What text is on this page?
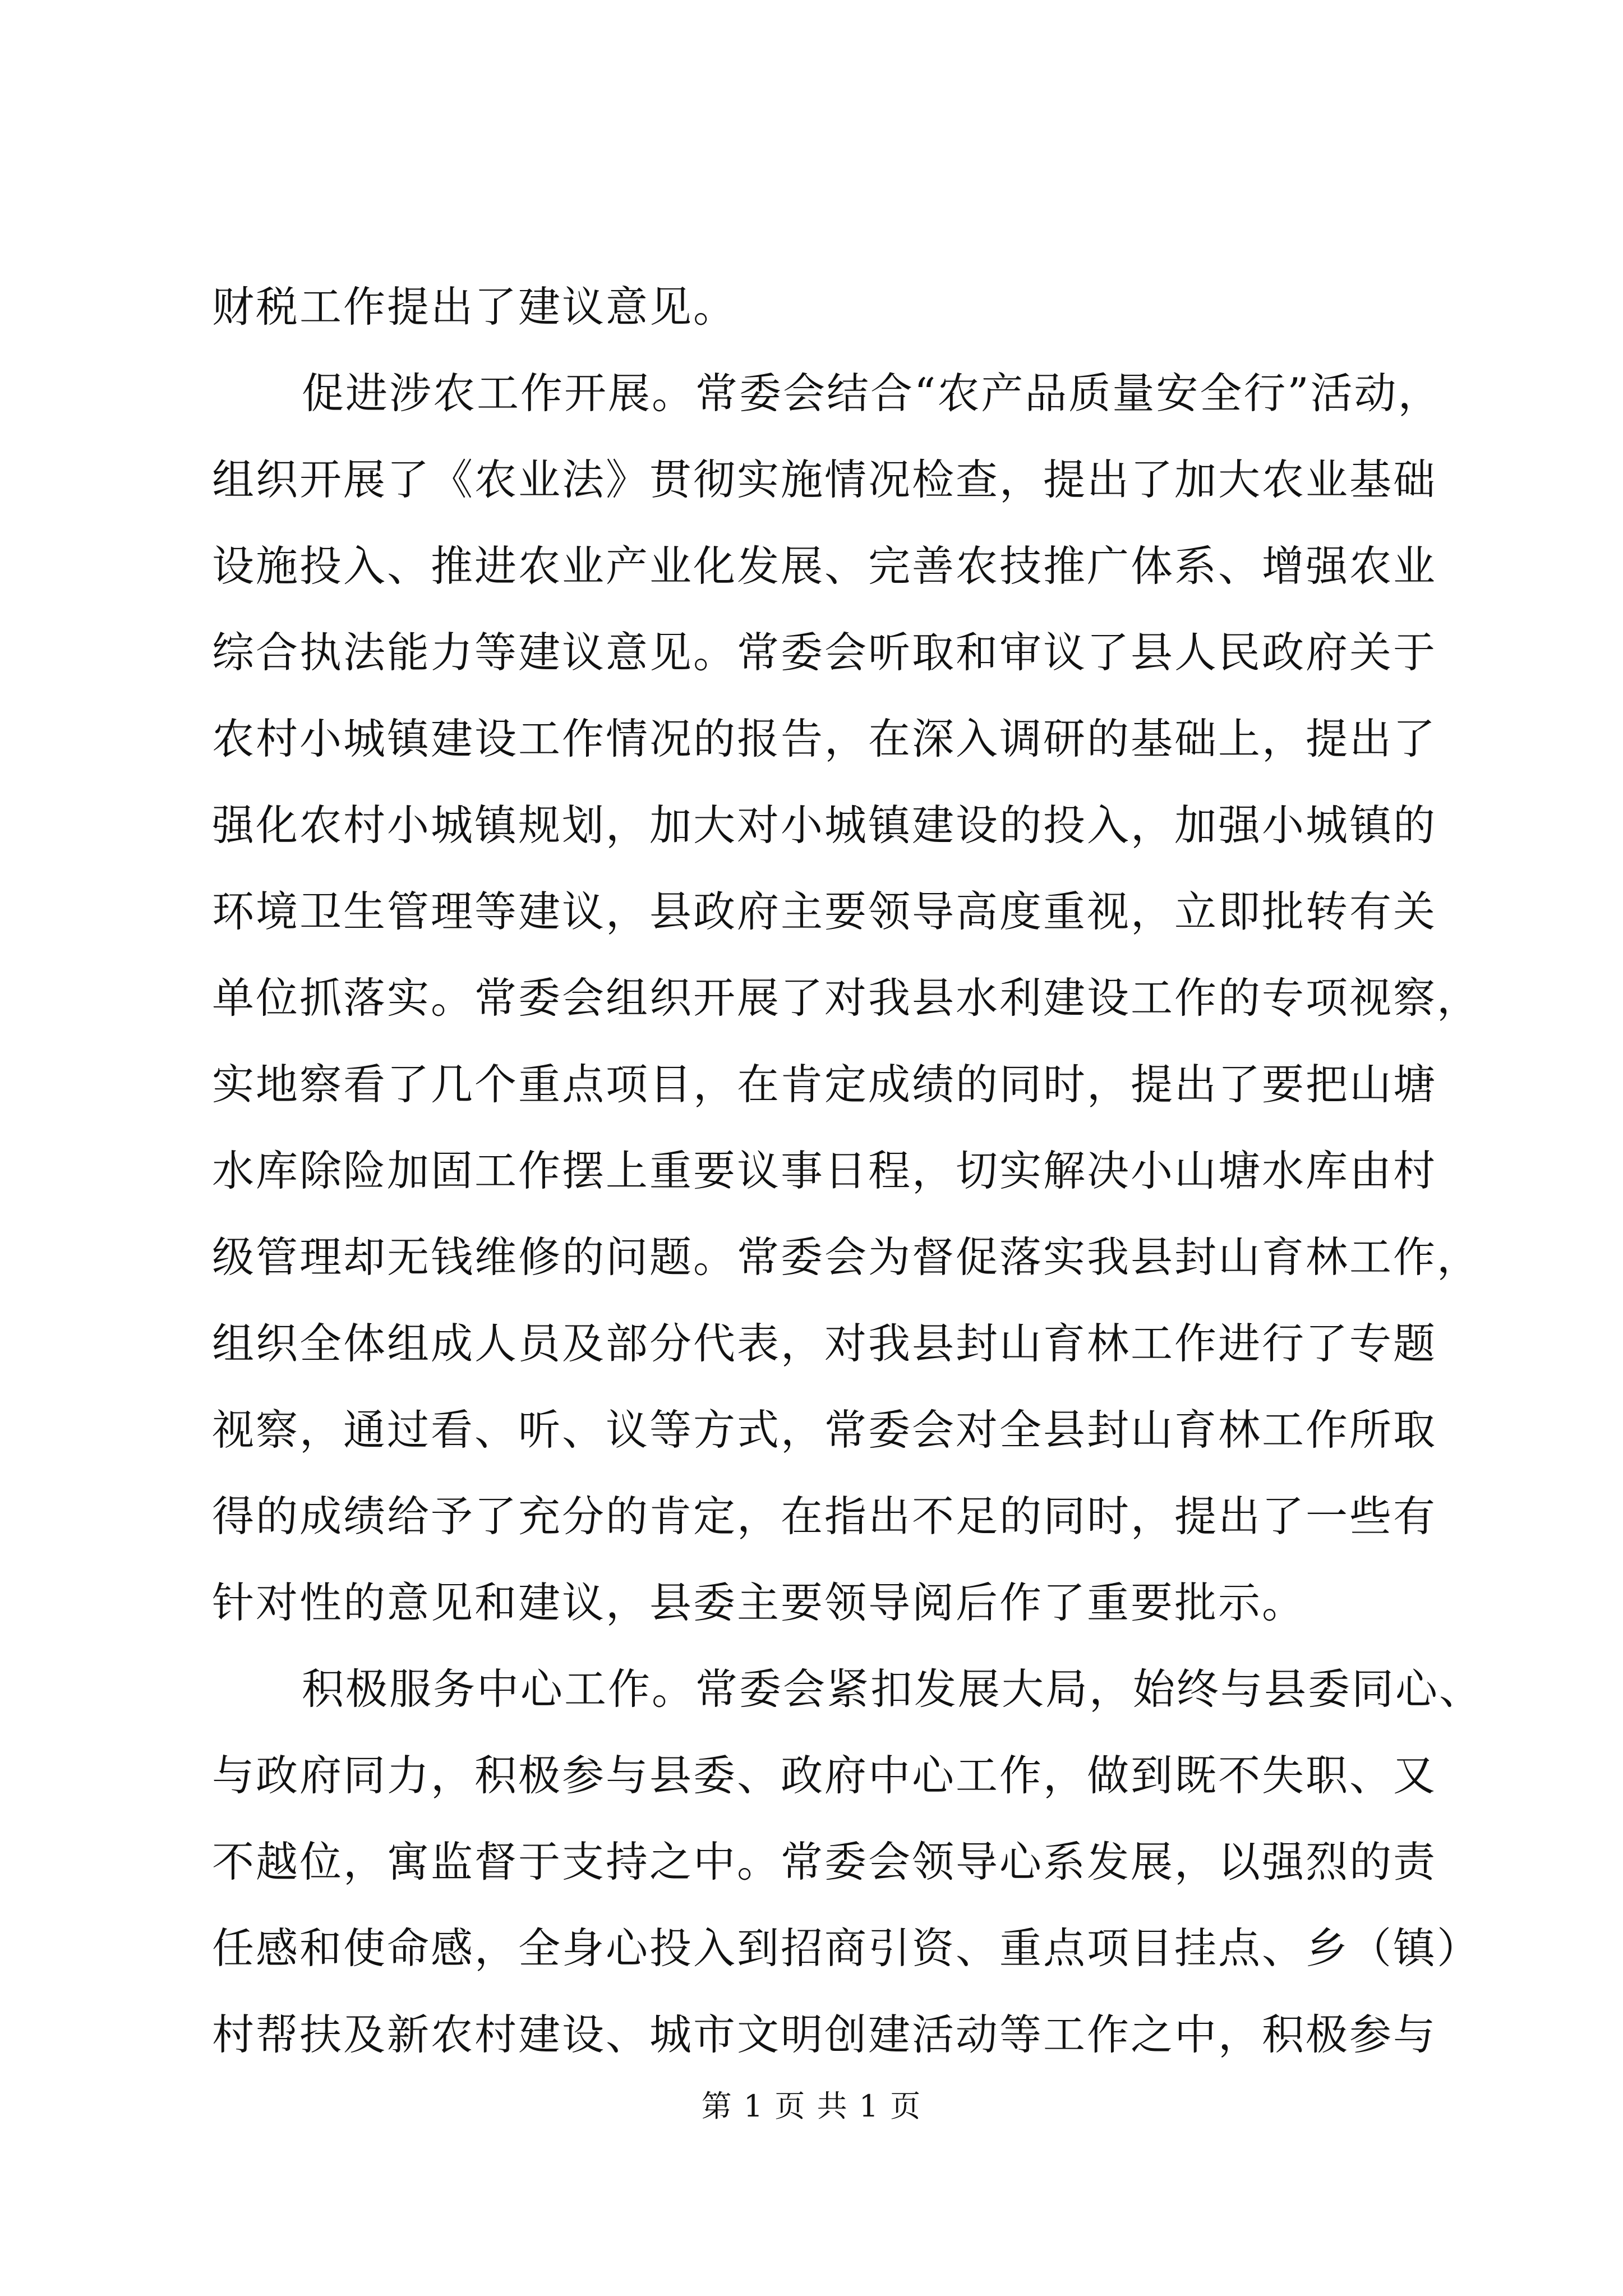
财税工作提出了建议意见。
促进涉农工作开展。常委会结合“农产品质量安全行”活动，
组织开展了《农业法》贯彻实施情况检查，提出了加大农业基础
设施投入、推进农业产业化发展、完善农技推广体系、增强农业
综合执法能力等建议意见。常委会听取和审议了县人民政府关于
农村小城镇建设工作情况的报告，在深入调研的基础上，提出了
强化农村小城镇规划，加大对小城镇建设的投入，加强小城镇的
环境卫生管理等建议，县政府主要领导高度重视，立即批转有关
单位抓落实。常委会组织开展了对我县水利建设工作的专项视察，
实地察看了几个重点项目，在肯定成绩的同时，提出了要把山塘
水库除险加固工作摆上重要议事日程，切实解决小山塘水库由村
级管理却无钱维修的问题。常委会为督促落实我县封山育林工作，
组织全体组成人员及部分代表，对我县封山育林工作进行了专题
视察，通过看、听、议等方式，常委会对全县封山育林工作所取
得的成绩给予了充分的肯定，在指出不足的同时，提出了一些有
针对性的意见和建议，县委主要领导阅后作了重要批示。
积极服务中心工作。常委会紧扣发展大局，始终与县委同心、
与政府同力，积极参与县委、政府中心工作，做到既不失职、又
不越位，寓监督于支持之中。常委会领导心系发展，以强烈的责
任感和使命感，全身心投入到招商引资、重点项目挂点、乡（镇）
村帮扶及新农村建设、城市文明创建活动等工作之中，积极参与
第 1 页 共 1 页
